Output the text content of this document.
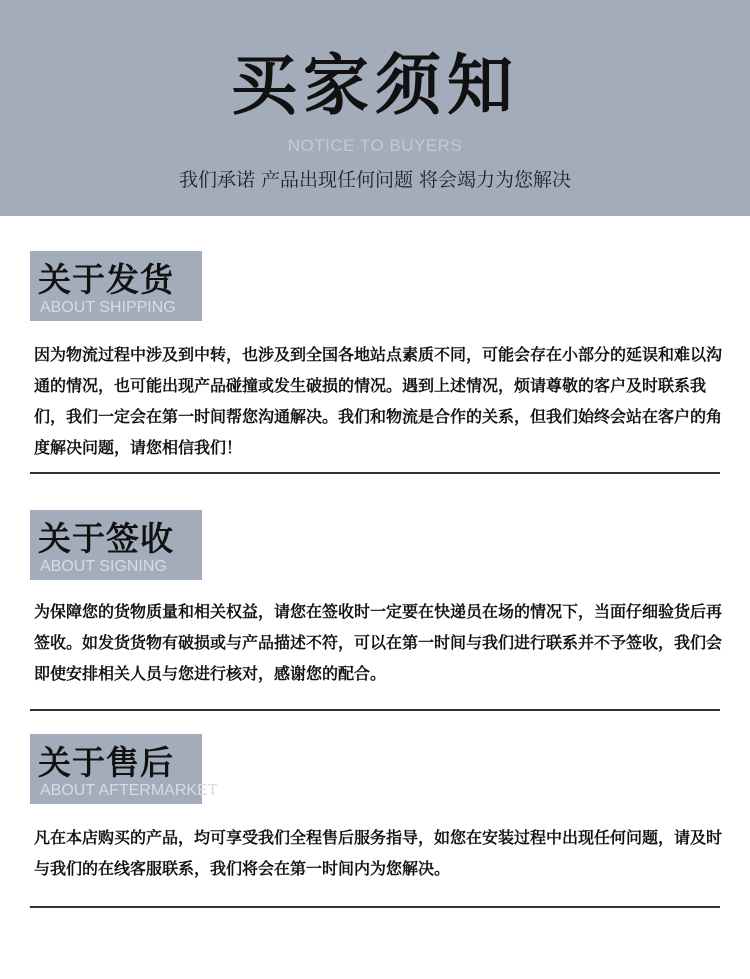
买家须知
NOTICE TO BUYERS
我们承诺 产品出现任何问题 将会竭力为您解决
关于发货
ABOUT SHIPPING
因为物流过程中涉及到中转，也涉及到全国各地站点素质不同，可能会存在小部分的延误和难以沟通的情况，也可能出现产品碰撞或发生破损的情况。遇到上述情况，烦请尊敬的客户及时联系我们，我们一定会在第一时间帮您沟通解决。我们和物流是合作的关系，但我们始终会站在客户的角度解决问题，请您相信我们！
关于签收
ABOUT SIGNING
为保障您的货物质量和相关权益，请您在签收时一定要在快递员在场的情况下，当面仔细验货后再签收。如发货货物有破损或与产品描述不符，可以在第一时间与我们进行联系并不予签收，我们会即使安排相关人员与您进行核对，感谢您的配合。
关于售后
ABOUT AFTERMARKET
凡在本店购买的产品，均可享受我们全程售后服务指导，如您在安装过程中出现任何问题，请及时与我们的在线客服联系，我们将会在第一时间内为您解决。
